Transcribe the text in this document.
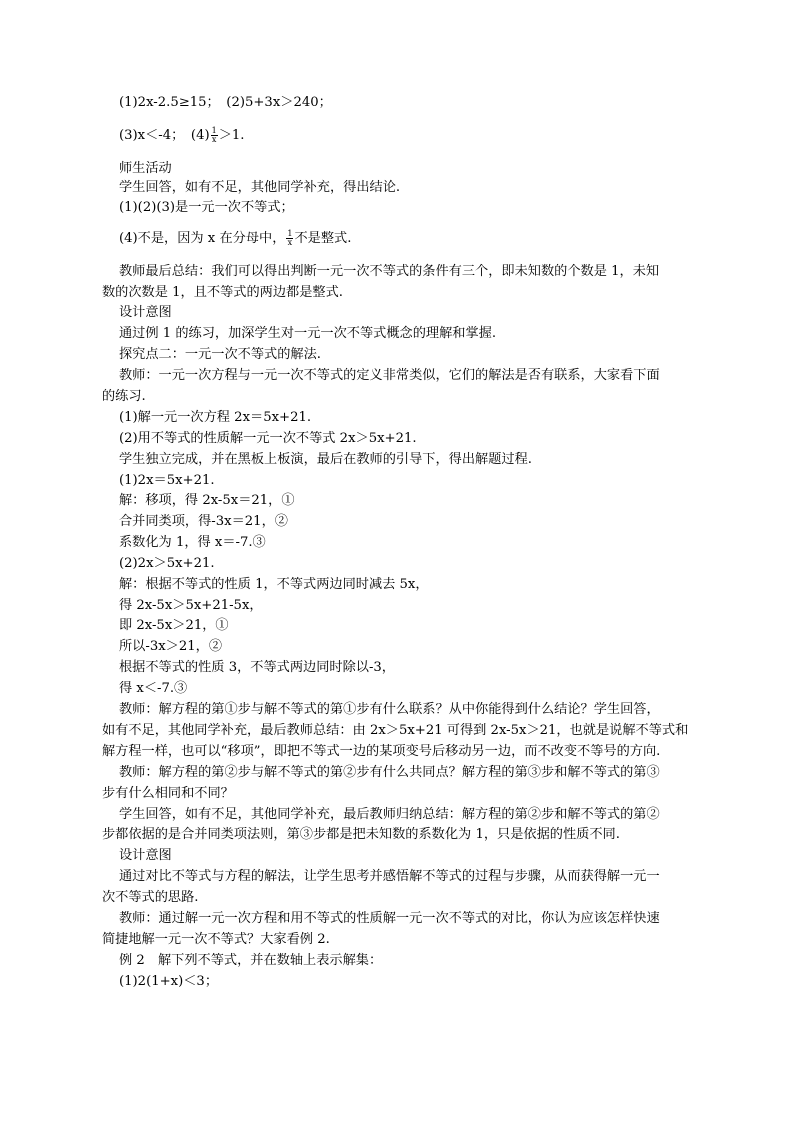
(1)2x-2.5≥15；　(2)5+3x＞240；
(3)x＜-4；　$(4) \frac{1}{x} >1$.
师生活动
学生回答，如有不足，其他同学补充，得出结论.
(1)(2)(3)是一元一次不等式；
(4)不是，因为 x 在分母中， $\frac{1}{x}$ 不是整式.
教师最后总结：我们可以得出判断一元一次不等式的条件有三个，即未知数的个数是 1，未知
数的次数是 1，且不等式的两边都是整式.
设计意图
通过例 1 的练习，加深学生对一元一次不等式概念的理解和掌握.
探究点二：一元一次不等式的解法.
教师：一元一次方程与一元一次不等式的定义非常类似，它们的解法是否有联系，大家看下面
的练习.
(1)解一元一次方程 2x＝5x+21.
(2)用不等式的性质解一元一次不等式 2x＞5x+21.
学生独立完成，并在黑板上板演，最后在教师的引导下，得出解题过程.
(1)2x＝5x+21.
解：移项，得 2x-5x＝21，①
合并同类项，得-3x＝21，②
系数化为 1，得 x＝-7.③
(2)2x＞5x+21.
解：根据不等式的性质 1，不等式两边同时减去 5x，
得 2x-5x＞5x+21-5x，
即 2x-5x＞21，①
所以-3x＞21，②
根据不等式的性质 3，不等式两边同时除以-3，
得 x＜-7.③
教师：解方程的第①步与解不等式的第①步有什么联系？从中你能得到什么结论？学生回答，
如有不足，其他同学补充，最后教师总结：由 2x＞5x+21 可得到 2x-5x＞21，也就是说解不等式和
解方程一样，也可以“移项”，即把不等式一边的某项变号后移动另一边，而不改变不等号的方向.
教师：解方程的第②步与解不等式的第②步有什么共同点？解方程的第③步和解不等式的第③
步有什么相同和不同？
学生回答，如有不足，其他同学补充，最后教师归纳总结：解方程的第②步和解不等式的第②
步都依据的是合并同类项法则，第③步都是把未知数的系数化为 1，只是依据的性质不同.
设计意图
通过对比不等式与方程的解法，让学生思考并感悟解不等式的过程与步骤，从而获得解一元一
次不等式的思路.
教师：通过解一元一次方程和用不等式的性质解一元一次不等式的对比，你认为应该怎样快速
简捷地解一元一次不等式？大家看例 2.
例 2　解下列不等式，并在数轴上表示解集：
(1)2(1+x)＜3；
